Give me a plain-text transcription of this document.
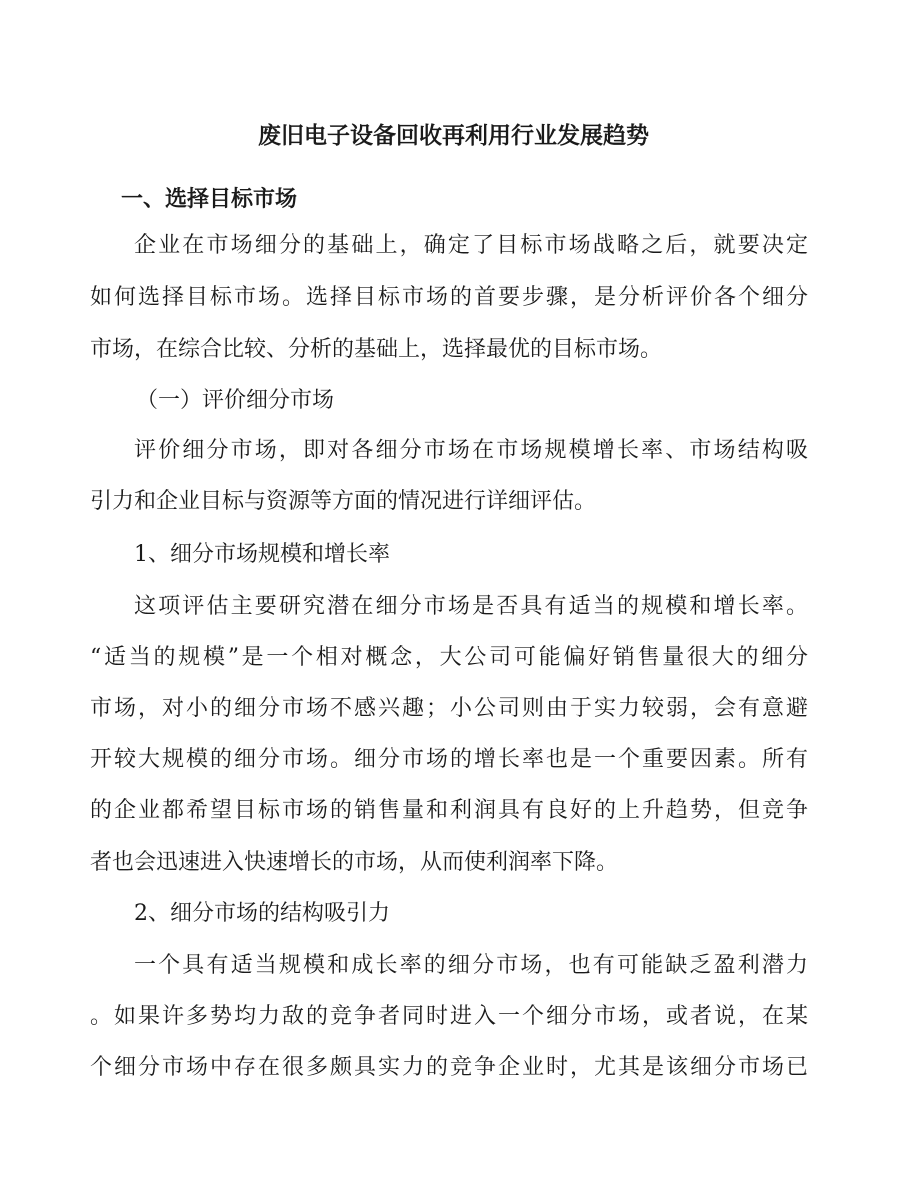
废旧电子设备回收再利用行业发展趋势
一、选择目标市场
企业在市场细分的基础上，确定了目标市场战略之后，就要决定
如何选择目标市场。选择目标市场的首要步骤，是分析评价各个细分
市场，在综合比较、分析的基础上，选择最优的目标市场。
（一）评价细分市场
评价细分市场，即对各细分市场在市场规模增长率、市场结构吸
引力和企业目标与资源等方面的情况进行详细评估。
1、细分市场规模和增长率
这项评估主要研究潜在细分市场是否具有适当的规模和增长率。
“适当的规模”是一个相对概念，大公司可能偏好销售量很大的细分
市场，对小的细分市场不感兴趣；小公司则由于实力较弱，会有意避
开较大规模的细分市场。细分市场的增长率也是一个重要因素。所有
的企业都希望目标市场的销售量和利润具有良好的上升趋势，但竞争
者也会迅速进入快速增长的市场，从而使利润率下降。
2、细分市场的结构吸引力
一个具有适当规模和成长率的细分市场，也有可能缺乏盈利潜力
。如果许多势均力敌的竞争者同时进入一个细分市场，或者说，在某
个细分市场中存在很多颇具实力的竞争企业时，尤其是该细分市场已
